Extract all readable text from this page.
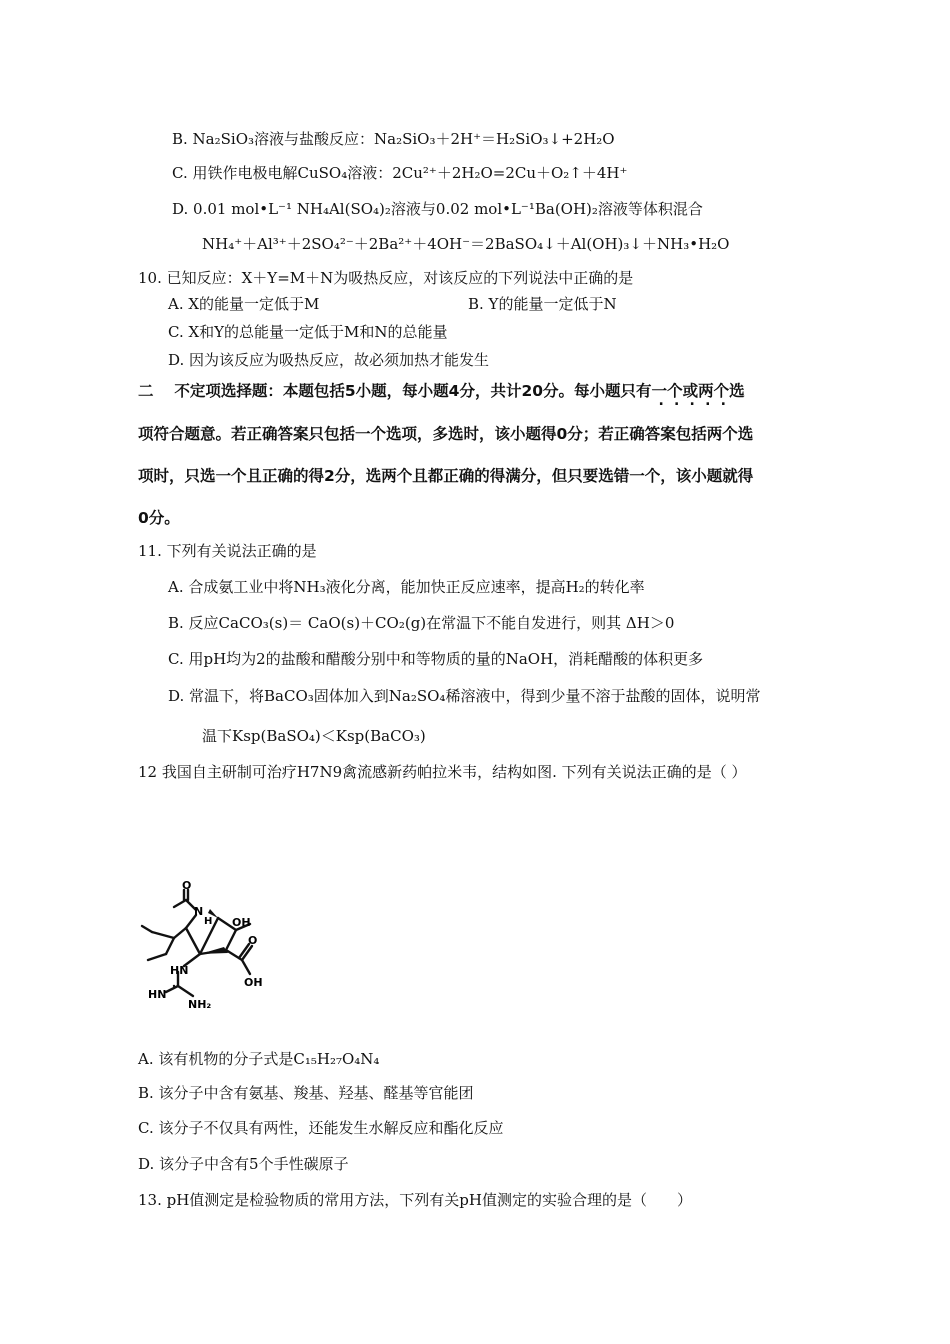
B. Na₂SiO₃溶液与盐酸反应：Na₂SiO₃＋2H⁺＝H₂SiO₃↓+2H₂O
C. 用铁作电极电解CuSO₄溶液：2Cu²⁺＋2H₂O=2Cu＋O₂↑＋4H⁺
D. 0.01 mol•L⁻¹ NH₄Al(SO₄)₂溶液与0.02 mol•L⁻¹Ba(OH)₂溶液等体积混合
NH₄⁺＋Al³⁺＋2SO₄²⁻＋2Ba²⁺＋4OH⁻＝2BaSO₄↓＋Al(OH)₃↓＋NH₃•H₂O
10. 已知反应：X＋Y=M＋N为吸热反应，对该反应的下列说法中正确的是
A. X的能量一定低于M	B. Y的能量一定低于N
C. X和Y的总能量一定低于M和N的总能量
D. 因为该反应为吸热反应，故必须加热才能发生
二　 不定项选择题：本题包括5小题，每小题4分，共计20分。每小题只有一个或两个选
项符合题意。若正确答案只包括一个选项，多选时，该小题得0分；若正确答案包括两个选
项时，只选一个且正确的得2分，选两个且都正确的得满分，但只要选错一个，该小题就得
0分。
11. 下列有关说法正确的是
A. 合成氨工业中将NH₃液化分离，能加快正反应速率，提高H₂的转化率
B. 反应CaCO₃(s)＝ CaO(s)＋CO₂(g)在常温下不能自发进行，则其 ΔH＞0
C. 用pH均为2的盐酸和醋酸分别中和等物质的量的NaOH，消耗醋酸的体积更多
D. 常温下，将BaCO₃固体加入到Na₂SO₄稀溶液中，得到少量不溶于盐酸的固体，说明常
温下Ksp(BaSO₄)＜Ksp(BaCO₃)
12 我国自主研制可治疗H7N9禽流感新药帕拉米韦，结构如图. 下列有关说法正确的是（ ）
O
N
H OH
HN
O
OH
HN
NH₂
A. 该有机物的分子式是C₁₅H₂₇O₄N₄
B. 该分子中含有氨基、羧基、羟基、醛基等官能团
C. 该分子不仅具有两性，还能发生水解反应和酯化反应
D. 该分子中含有5个手性碳原子
13. pH值测定是检验物质的常用方法，下列有关pH值测定的实验合理的是（　　）
